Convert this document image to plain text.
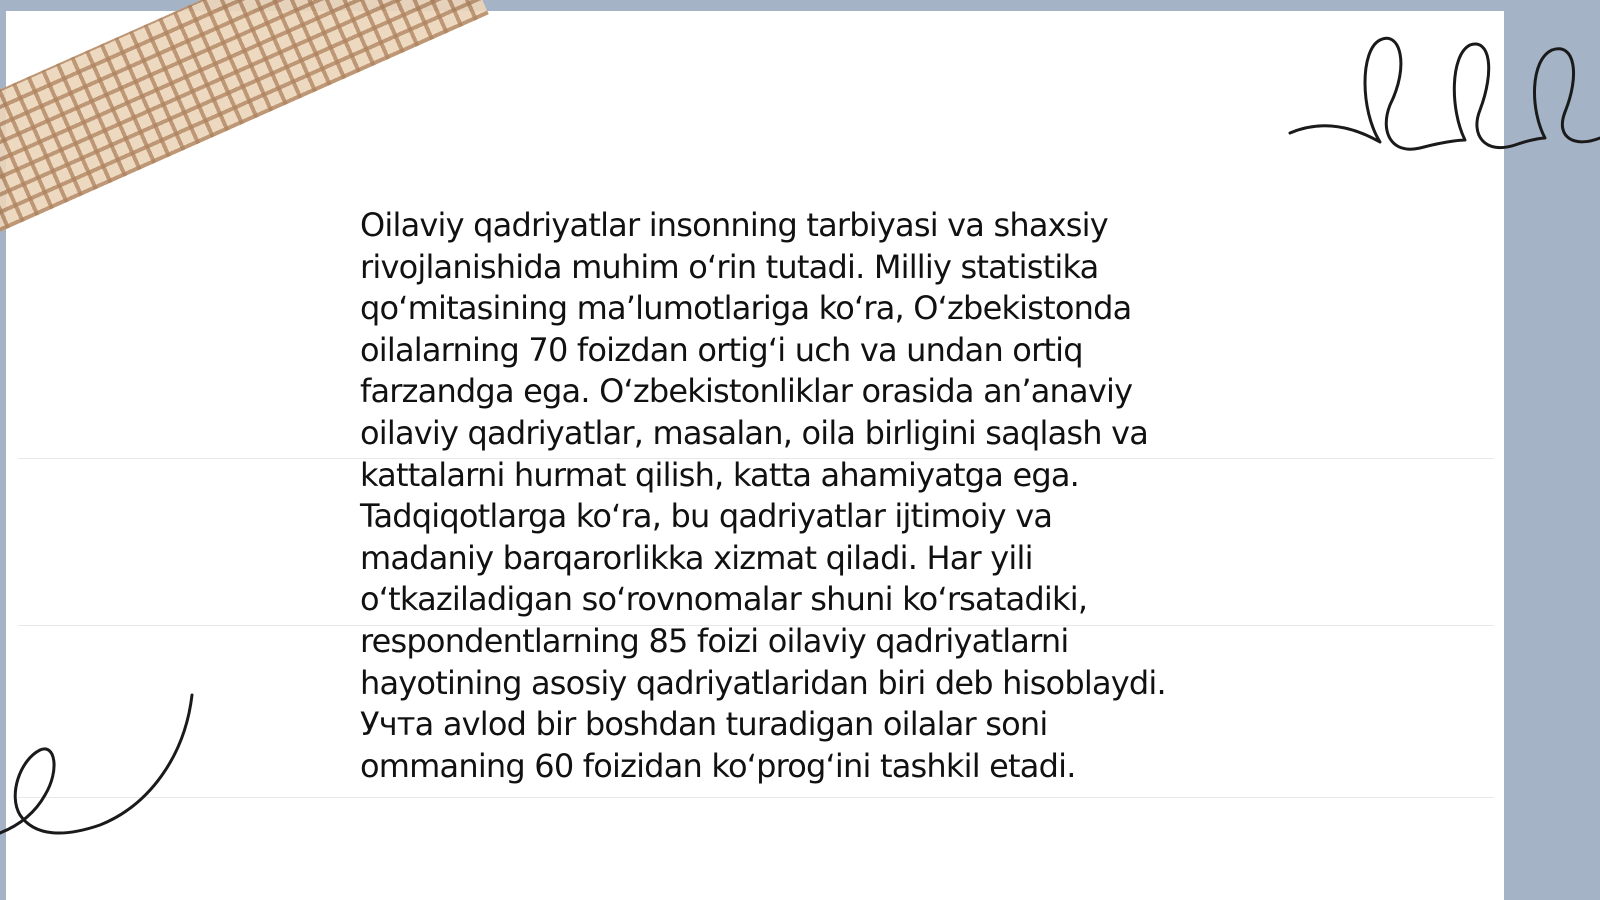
Oilaviy qadriyatlar insonning tarbiyasi va shaxsiy
rivojlanishida muhim o‘rin tutadi. Milliy statistika
qo‘mitasining ma’lumotlariga ko‘ra, O‘zbekistonda
oilalarning 70 foizdan ortig‘i uch va undan ortiq
farzandga ega. O‘zbekistonliklar orasida an’anaviy
oilaviy qadriyatlar, masalan, oila birligini saqlash va
kattalarni hurmat qilish, katta ahamiyatga ega.
Tadqiqotlarga ko‘ra, bu qadriyatlar ijtimoiy va
madaniy barqarorlikka xizmat qiladi. Har yili
o‘tkaziladigan so‘rovnomalar shuni ko‘rsatadiki,
respondentlarning 85 foizi oilaviy qadriyatlarni
hayotining asosiy qadriyatlaridan biri deb hisoblaydi.
Учта avlod bir boshdan turadigan oilalar soni
ommaning 60 foizidan ko‘prog‘ini tashkil etadi.
